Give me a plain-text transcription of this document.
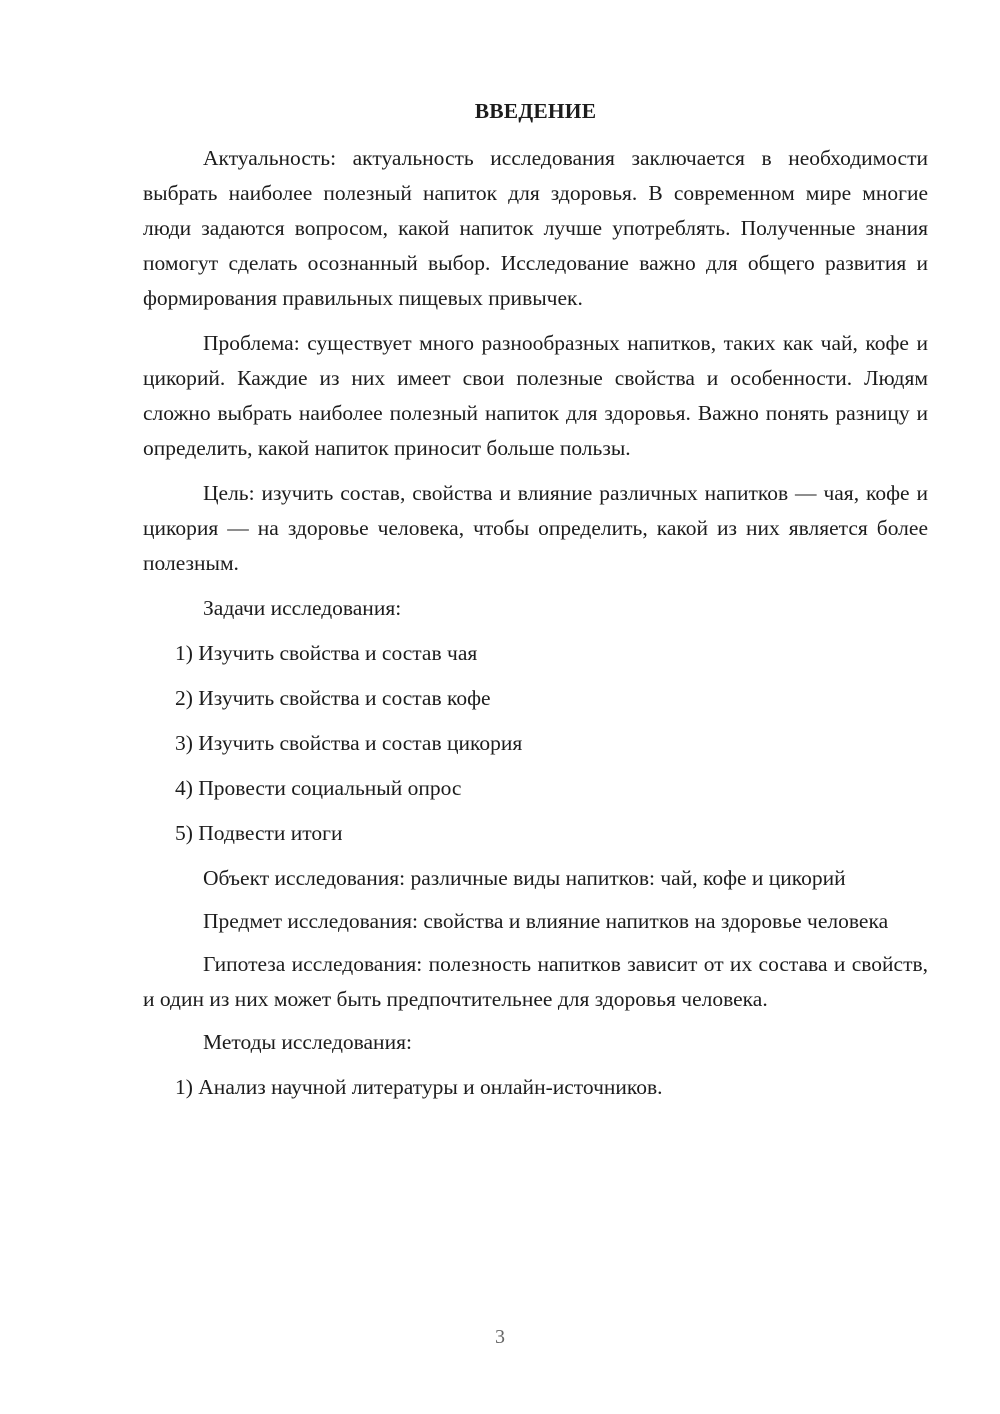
ВВЕДЕНИЕ

Актуальность: актуальность исследования заключается в необходимости выбрать наиболее полезный напиток для здоровья. В современном мире многие люди задаются вопросом, какой напиток лучше употреблять. Полученные знания помогут сделать осознанный выбор. Исследование важно для общего развития и формирования правильных пищевых привычек.

Проблема: существует много разнообразных напитков, таких как чай, кофе и цикорий. Каждие из них имеет свои полезные свойства и особенности. Людям сложно выбрать наиболее полезный напиток для здоровья. Важно понять разницу и определить, какой напиток приносит больше пользы.

Цель: изучить состав, свойства и влияние различных напитков — чая, кофе и цикория — на здоровье человека, чтобы определить, какой из них является более полезным.

Задачи исследования:

1) Изучить свойства и состав чая
2) Изучить свойства и состав кофе
3) Изучить свойства и состав цикория
4) Провести социальный опрос
5) Подвести итоги

Объект исследования: различные виды напитков: чай, кофе и цикорий

Предмет исследования: свойства и влияние напитков на здоровье человека

Гипотеза исследования: полезность напитков зависит от их состава и свойств, и один из них может быть предпочтительнее для здоровья человека.

Методы исследования:

1) Анализ научной литературы и онлайн-источников.
3
